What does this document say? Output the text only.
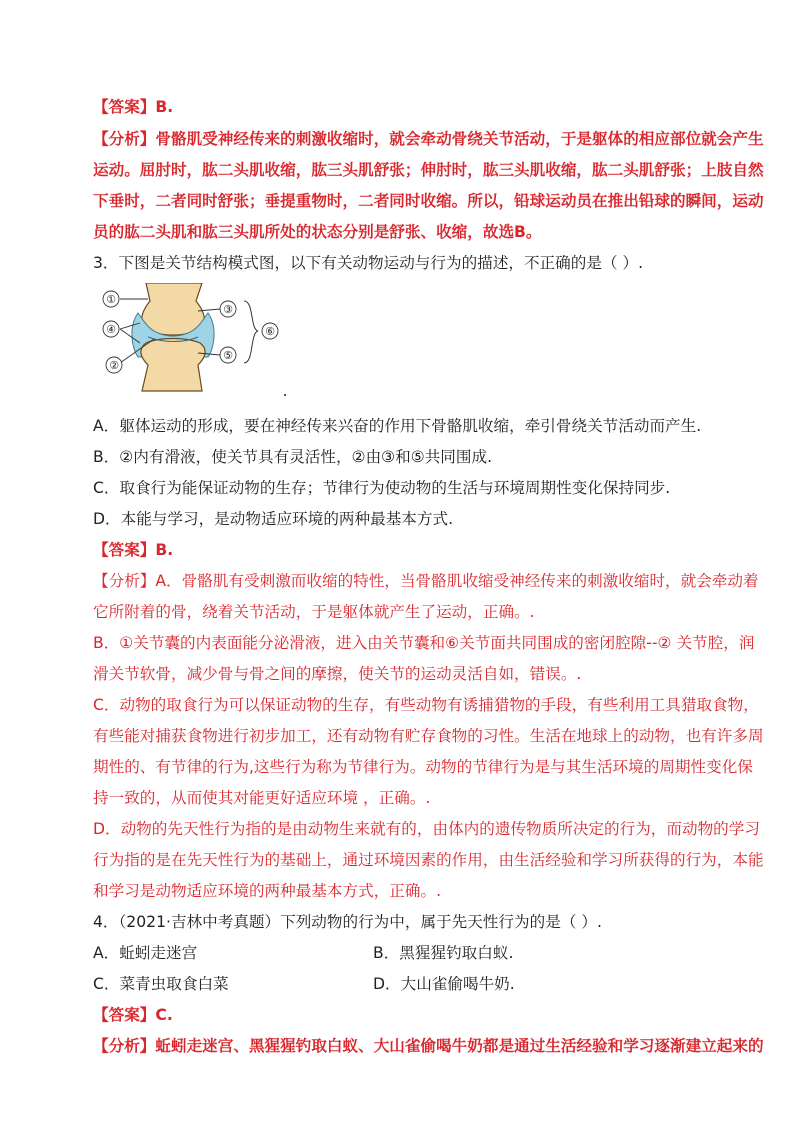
【答案】B.
【分析】骨骼肌受神经传来的刺激收缩时，就会牵动骨绕关节活动，于是躯体的相应部位就会产生
运动。屈肘时，肱二头肌收缩，肱三头肌舒张；伸肘时，肱三头肌收缩，肱二头肌舒张；上肢自然
下垂时，二者同时舒张；垂提重物时，二者同时收缩。所以，铅球运动员在推出铅球的瞬间，运动
员的肱二头肌和肱三头肌所处的状态分别是舒张、收缩，故选B。
3．下图是关节结构模式图，以下有关动物运动与行为的描述，不正确的是（ ）.
①
④
②
③
⑤
⑥
A．躯体运动的形成，要在神经传来兴奋的作用下骨骼肌收缩，牵引骨绕关节活动而产生.
B．②内有滑液，使关节具有灵活性，②由③和⑤共同围成.
C．取食行为能保证动物的生存；节律行为使动物的生活与环境周期性变化保持同步.
D．本能与学习，是动物适应环境的两种最基本方式.
【答案】B.
【分析】A．骨骼肌有受刺激而收缩的特性，当骨骼肌收缩受神经传来的刺激收缩时，就会牵动着
它所附着的骨，绕着关节活动，于是躯体就产生了运动，正确。.
B．①关节囊的内表面能分泌滑液，进入由关节囊和⑥关节面共同围成的密闭腔隙--② 关节腔，润
滑关节软骨，减少骨与骨之间的摩擦，使关节的运动灵活自如，错误。.
C．动物的取食行为可以保证动物的生存，有些动物有诱捕猎物的手段，有些利用工具猎取食物，
有些能对捕获食物进行初步加工，还有动物有贮存食物的习性。生活在地球上的动物，也有许多周
期性的、有节律的行为,这些行为称为节律行为。动物的节律行为是与其生活环境的周期性变化保
持一致的，从而使其对能更好适应环境 ，正确。.
D．动物的先天性行为指的是由动物生来就有的，由体内的遗传物质所决定的行为，而动物的学习
行为指的是在先天性行为的基础上，通过环境因素的作用，由生活经验和学习所获得的行为，本能
和学习是动物适应环境的两种最基本方式，正确。.
4．（2021·吉林中考真题）下列动物的行为中，属于先天性行为的是（ ）.
A．蚯蚓走迷宫	B．黑猩猩钓取白蚁.
C．菜青虫取食白菜	D．大山雀偷喝牛奶.
【答案】C.
【分析】蚯蚓走迷宫、黑猩猩钓取白蚁、大山雀偷喝牛奶都是通过生活经验和学习逐渐建立起来的
